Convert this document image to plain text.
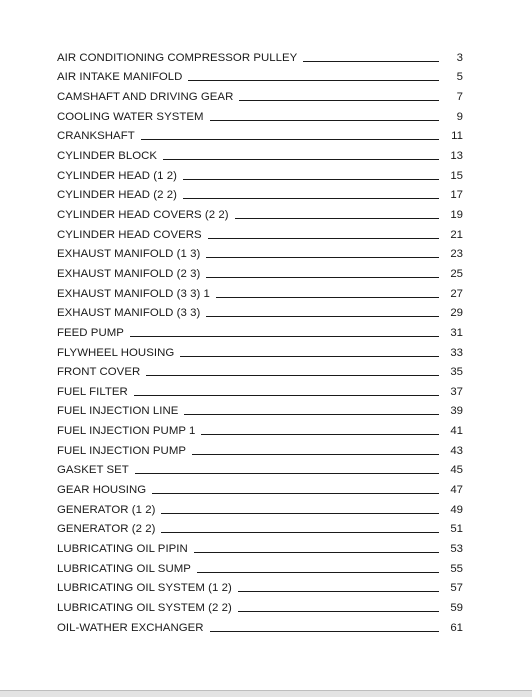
AIR CONDITIONING COMPRESSOR PULLEY	3
AIR INTAKE MANIFOLD	5
CAMSHAFT AND DRIVING GEAR	7
COOLING WATER SYSTEM	9
CRANKSHAFT	11
CYLINDER BLOCK	13
CYLINDER HEAD (1 2)	15
CYLINDER HEAD (2 2)	17
CYLINDER HEAD COVERS (2 2)	19
CYLINDER HEAD COVERS	21
EXHAUST MANIFOLD (1 3)	23
EXHAUST MANIFOLD (2 3)	25
EXHAUST MANIFOLD (3 3) 1	27
EXHAUST MANIFOLD (3 3)	29
FEED PUMP	31
FLYWHEEL HOUSING	33
FRONT COVER	35
FUEL FILTER	37
FUEL INJECTION LINE	39
FUEL INJECTION PUMP 1	41
FUEL INJECTION PUMP	43
GASKET SET	45
GEAR HOUSING	47
GENERATOR (1 2)	49
GENERATOR (2 2)	51
LUBRICATING OIL PIPIN	53
LUBRICATING OIL SUMP	55
LUBRICATING OIL SYSTEM (1 2)	57
LUBRICATING OIL SYSTEM (2 2)	59
OIL-WATHER EXCHANGER	61
